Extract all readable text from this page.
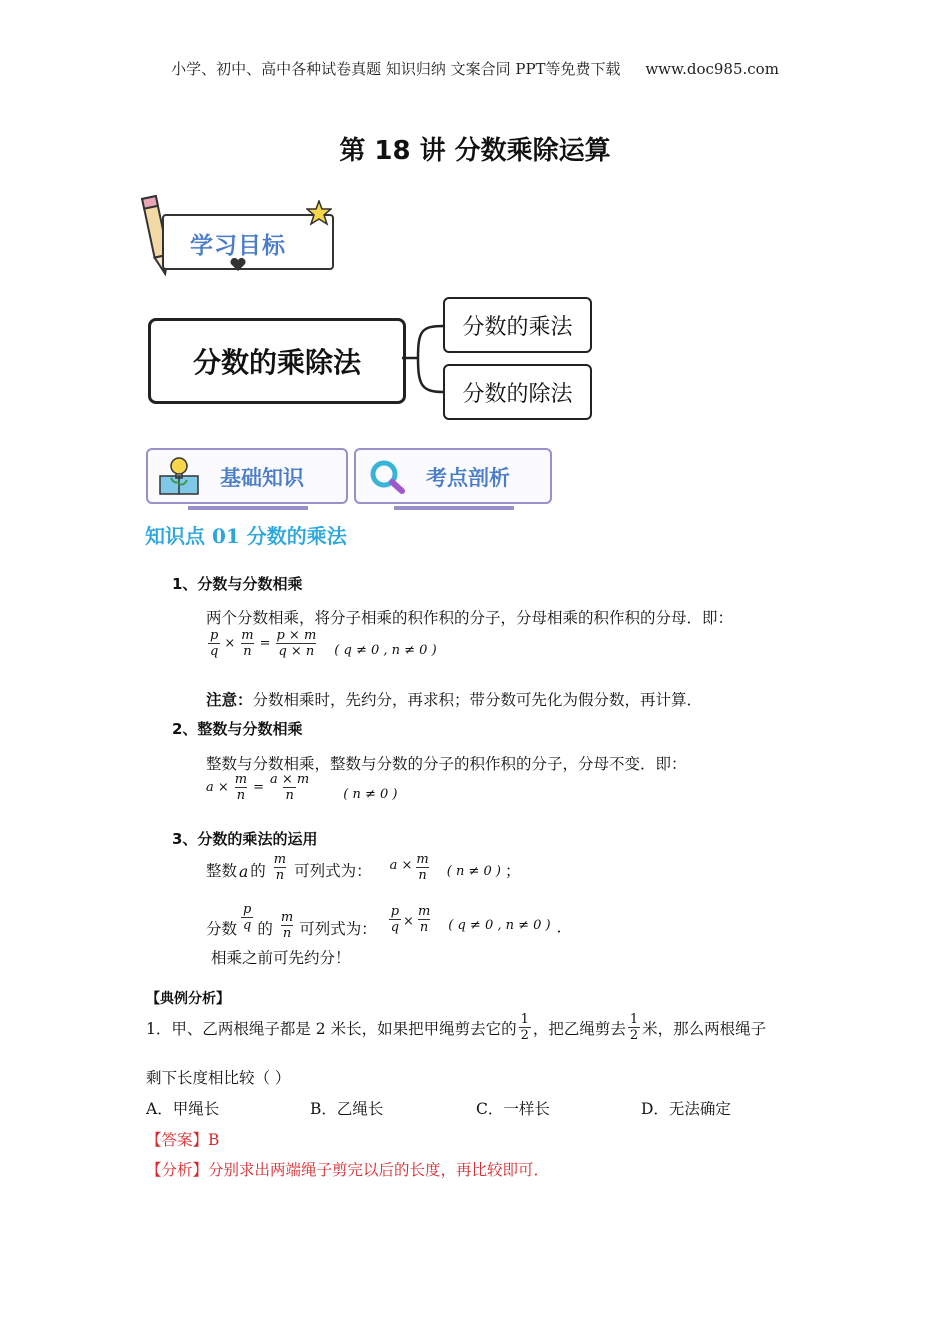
小学、初中、高中各种试卷真题 知识归纳 文案合同 PPT等免费下载 www.doc985.com
第 18 讲 分数乘除运算
学习目标
分数的乘除法
分数的乘法
分数的除法
基础知识	考点剖析
知识点 01 分数的乘法
1、分数与分数相乘
两个分数相乘，将分子相乘的积作积的分子，分母相乘的积作积的分母．即：
$\frac{p}{q} \times \frac{m}{n} = \frac{p \times m}{q \times n}$ ( q ≠ 0 , n ≠ 0 )
注意：分数相乘时，先约分，再求积；带分数可先化为假分数，再计算．
2、整数与分数相乘
整数与分数相乘，整数与分数的分子的积作积的分子，分母不变．即：
$a \times \frac{m}{n} = \frac{a \times m}{n}$ ( n ≠ 0 )
3、分数的乘法的运用
整数 a 的 $\frac{m}{n}$ 可列式为： $a \times \frac{m}{n}$ ( n ≠ 0 ) ；
分数 $\frac{p}{q}$ 的 $\frac{m}{n}$ 可列式为： $\frac{p}{q} \times \frac{m}{n}$ ( q ≠ 0 , n ≠ 0 ) ．
相乘之前可先约分！
【典例分析】
1．甲、乙两根绳子都是 2 米长，如果把甲绳剪去它的 $\frac{1}{2}$ ，把乙绳剪去 $\frac{1}{2}$ 米，那么两根绳子
剩下长度相比较（ ）
A．甲绳长	B．乙绳长	C．一样长	D．无法确定
【答案】B
【分析】分别求出两端绳子剪完以后的长度，再比较即可．
